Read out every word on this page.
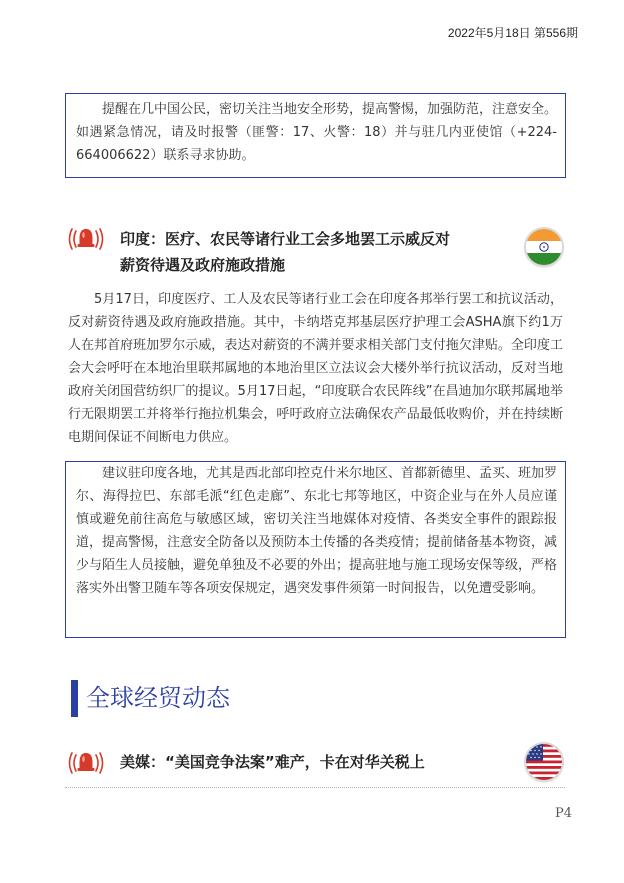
2022年5月18日 第556期

提醒在几中国公民，密切关注当地安全形势，提高警惕，加强防范，注意安全。如遇紧急情况，请及时报警（匪警：17、火警：18）并与驻几内亚使馆（+224-664006622）联系寻求协助。

印度：医疗、农民等诸行业工会多地罢工示威反对
薪资待遇及政府施政措施

5月17日，印度医疗、工人及农民等诸行业工会在印度各邦举行罢工和抗议活动，反对薪资待遇及政府施政措施。其中，卡纳塔克邦基层医疗护理工会ASHA旗下约1万人在邦首府班加罗尔示威，表达对薪资的不满并要求相关部门支付拖欠津贴。全印度工会大会呼吁在本地治里联邦属地的本地治里区立法议会大楼外举行抗议活动，反对当地政府关闭国营纺织厂的提议。5月17日起，“印度联合农民阵线”在昌迪加尔联邦属地举行无限期罢工并将举行拖拉机集会，呼吁政府立法确保农产品最低收购价，并在持续断电期间保证不间断电力供应。

建议驻印度各地，尤其是西北部印控克什米尔地区、首都新德里、孟买、班加罗尔、海得拉巴、东部毛派“红色走廊”、东北七邦等地区，中资企业与在外人员应谨慎或避免前往高危与敏感区域，密切关注当地媒体对疫情、各类安全事件的跟踪报道，提高警惕，注意安全防备以及预防本土传播的各类疫情；提前储备基本物资，减少与陌生人员接触，避免单独及不必要的外出；提高驻地与施工现场安保等级，严格落实外出警卫随车等各项安保规定，遇突发事件须第一时间报告，以免遭受影响。

全球经贸动态
美媒：“美国竞争法案”难产，卡在对华关税上
P4
